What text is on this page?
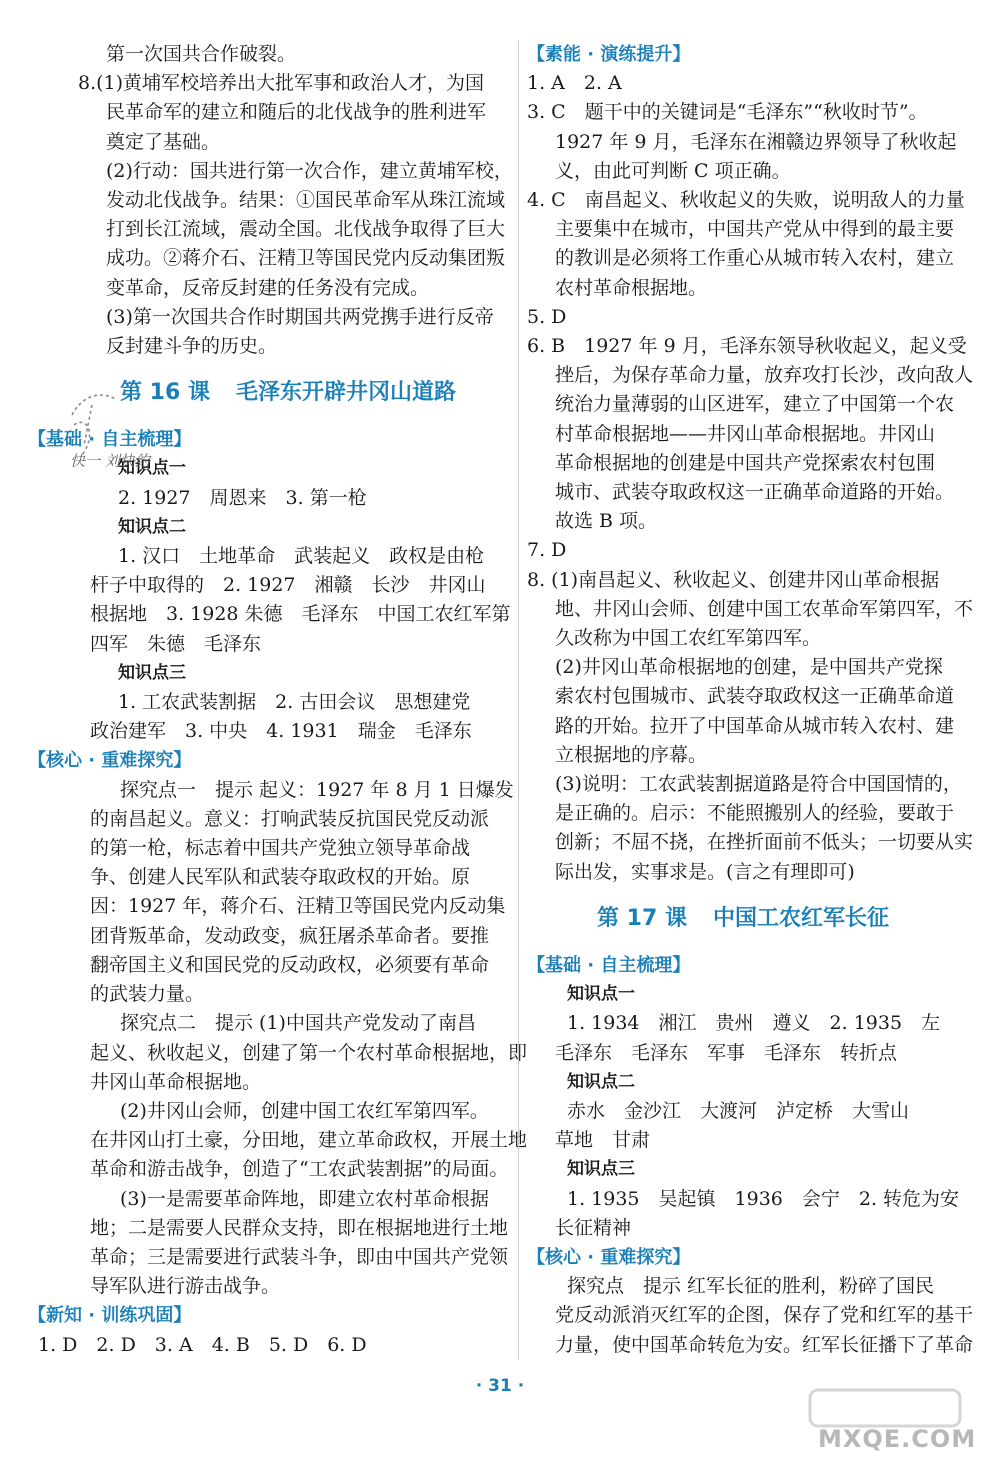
第一次国共合作破裂。
8.(1)黄埔军校培养出大批军事和政治人才，为国
民革命军的建立和随后的北伐战争的胜利进军
奠定了基础。
(2)行动：国共进行第一次合作，建立黄埔军校，
发动北伐战争。结果：①国民革命军从珠江流域
打到长江流域，震动全国。北伐战争取得了巨大
成功。②蒋介石、汪精卫等国民党内反动集团叛
变革命，反帝反封建的任务没有完成。
(3)第一次国共合作时期国共两党携手进行反帝
反封建斗争的历史。
第 16 课 毛泽东开辟井冈山道路
【基础 · 自主梳理】
知识点一
2. 1927　周恩来　3. 第一枪
知识点二
1. 汉口　土地革命　武装起义　政权是由枪
杆子中取得的　2. 1927　湘赣　长沙　井冈山
根据地　3. 1928 朱德　毛泽东　中国工农红军第
四军　朱德　毛泽东
知识点三
1. 工农武装割据　2. 古田会议　思想建党
政治建军　3. 中央　4. 1931　瑞金　毛泽东
【核心 · 重难探究】
探究点一　提示 起义：1927 年 8 月 1 日爆发
的南昌起义。意义：打响武装反抗国民党反动派
的第一枪，标志着中国共产党独立领导革命战
争、创建人民军队和武装夺取政权的开始。原
因：1927 年，蒋介石、汪精卫等国民党内反动集
团背叛革命，发动政变，疯狂屠杀革命者。要推
翻帝国主义和国民党的反动政权，必须要有革命
的武装力量。
探究点二　提示 (1)中国共产党发动了南昌
起义、秋收起义，创建了第一个农村革命根据地，即
井冈山革命根据地。
(2)井冈山会师，创建中国工农红军第四军。
在井冈山打土豪，分田地，建立革命政权，开展土地
革命和游击战争，创造了“工农武装割据”的局面。
(3)一是需要革命阵地，即建立农村革命根据
地；二是需要人民群众支持，即在根据地进行土地
革命；三是需要进行武装斗争，即由中国共产党领
导军队进行游击战争。
【新知 · 训练巩固】
1. D　2. D　3. A　4. B　5. D　6. D
【素能 · 演练提升】
1. A　2. A
3. C　题干中的关键词是“毛泽东”“秋收时节”。
1927 年 9 月，毛泽东在湘赣边界领导了秋收起
义，由此可判断 C 项正确。
4. C　南昌起义、秋收起义的失败，说明敌人的力量
主要集中在城市，中国共产党从中得到的最主要
的教训是必须将工作重心从城市转入农村，建立
农村革命根据地。
5. D
6. B　1927 年 9 月，毛泽东领导秋收起义，起义受
挫后，为保存革命力量，放弃攻打长沙，改向敌人
统治力量薄弱的山区进军，建立了中国第一个农
村革命根据地——井冈山革命根据地。井冈山
革命根据地的创建是中国共产党探索农村包围
城市、武装夺取政权这一正确革命道路的开始。
故选 B 项。
7. D
8. (1)南昌起义、秋收起义、创建井冈山革命根据
地、井冈山会师、创建中国工农革命军第四军，不
久改称为中国工农红军第四军。
(2)井冈山革命根据地的创建，是中国共产党探
索农村包围城市、武装夺取政权这一正确革命道
路的开始。拉开了中国革命从城市转入农村、建
立根据地的序幕。
(3)说明：工农武装割据道路是符合中国国情的，
是正确的。启示：不能照搬别人的经验，要敢于
创新；不屈不挠，在挫折面前不低头；一切要从实
际出发，实事求是。(言之有理即可)
第 17 课 中国工农红军长征
【基础 · 自主梳理】
知识点一
1. 1934　湘江　贵州　遵义　2. 1935　左
毛泽东　毛泽东　军事　毛泽东　转折点
知识点二
赤水　金沙江　大渡河　泸定桥　大雪山
草地　甘肃
知识点三
1. 1935　吴起镇　1936　会宁　2. 转危为安
长征精神
【核心 · 重难探究】
探究点　提示 红军长征的胜利，粉碎了国民
党反动派消灭红军的企图，保存了党和红军的基干
力量，使中国革命转危为安。红军长征播下了革命
快一 刘快约
· 31 ·
MXQE.COM
